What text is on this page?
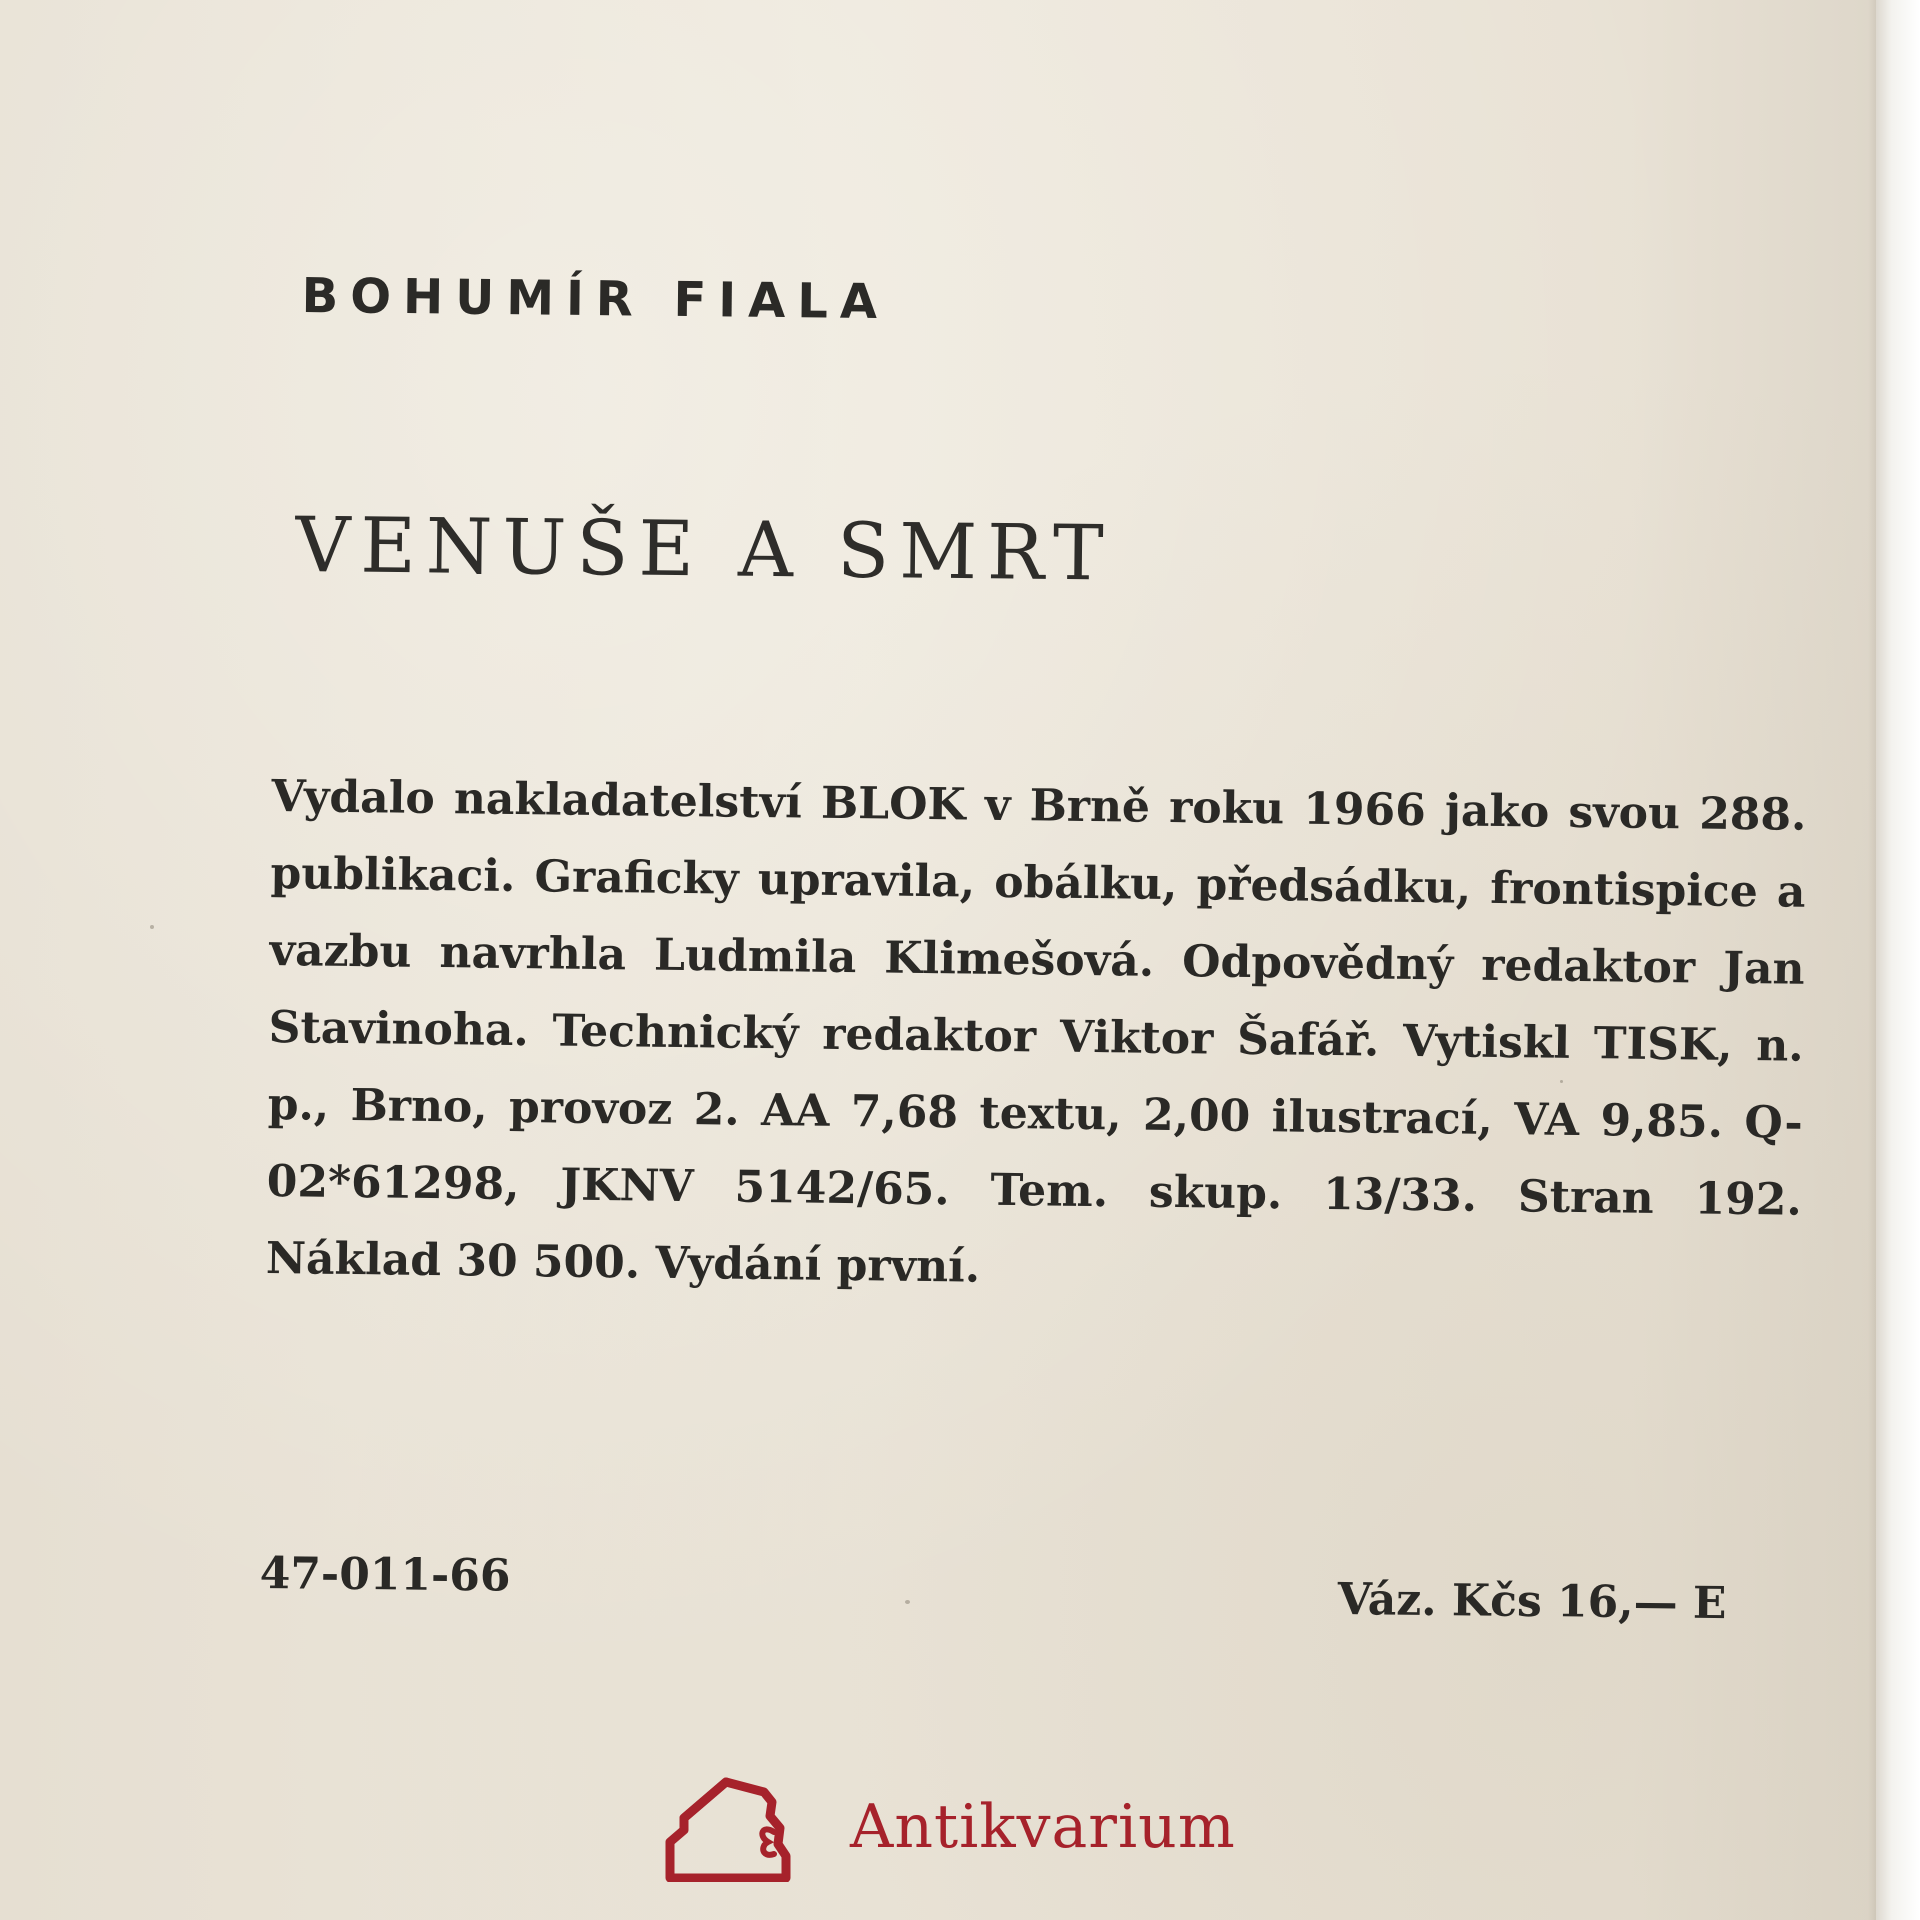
BOHUMÍR FIALA
VENUŠE A SMRT
Vydalo nakladatelství BLOK v Brně roku 1966 jako svou 288. publikaci. Graficky upravila, obálku, předsádku, frontispice a vazbu navrhla Ludmila Klimešová. Odpovědný redaktor Jan Stavinoha. Technický redaktor Viktor Šafář. Vytiskl TISK, n. p., Brno, provoz 2. AA 7,68 textu, 2,00 ilustrací, VA 9,85. Q-02*61298, JKNV 5142/65. Tem. skup. 13/33. Stran 192. Náklad 30 500. Vydání první.
47-011-66	Váz. Kčs 16,— E
Antikvarium
